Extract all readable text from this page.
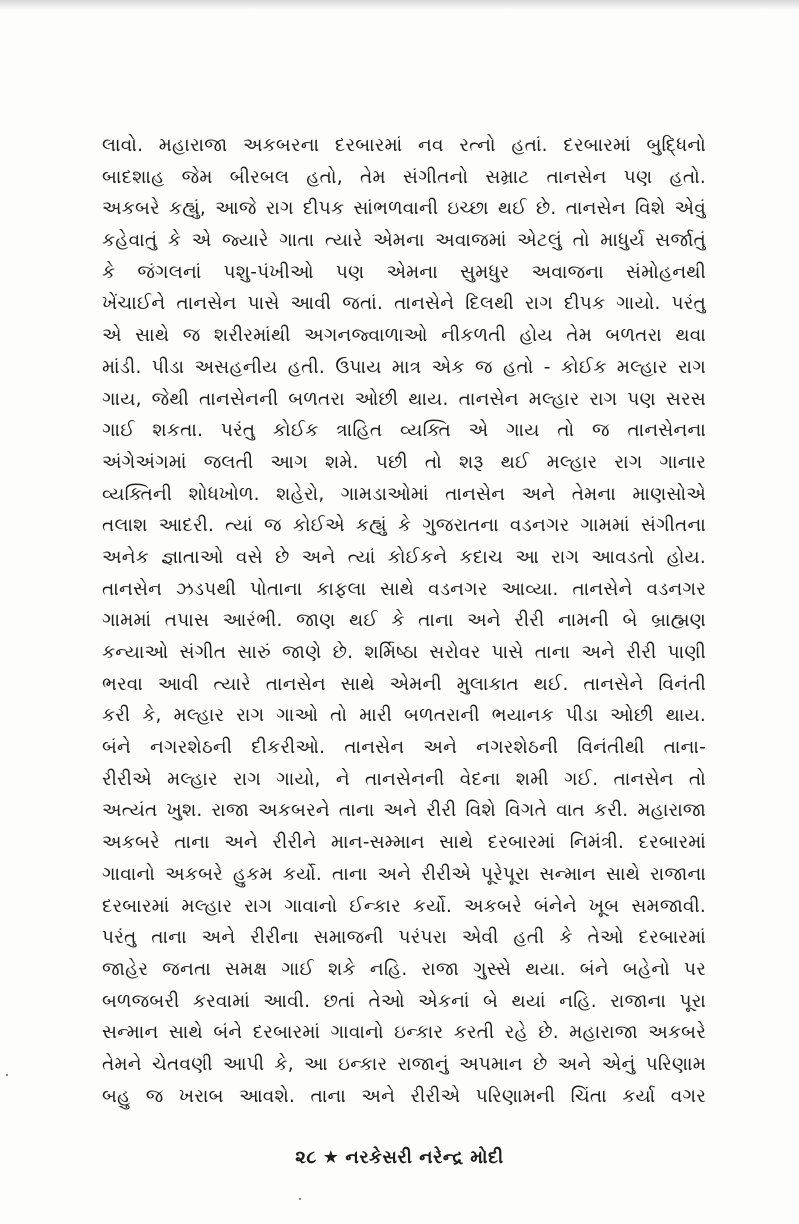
લાવો. મહારાજા અકબરના દરબારમાં નવ રત્નો હતાં. દરબારમાં બુદ્ધિનો
બાદશાહ જેમ બીરબલ હતો, તેમ સંગીતનો સમ્રાટ તાનસેન પણ હતો.
અકબરે કહ્યું, આજે રાગ દીપક સાંભળવાની ઇચ્છા થઈ છે. તાનસેન વિશે એવું
કહેવાતું કે એ જ્યારે ગાતા ત્યારે એમના અવાજમાં એટલું તો માધુર્ય સર્જાતું
કે જંગલનાં પશુ-પંખીઓ પણ એમના સુમધુર અવાજના સંમોહનથી
ખેંચાઈને તાનસેન પાસે આવી જતાં. તાનસેને દિલથી રાગ દીપક ગાયો. પરંતુ
એ સાથે જ શરીરમાંથી અગનજ્વાળાઓ નીકળતી હોય તેમ બળતરા થવા
માંડી. પીડા અસહનીય હતી. ઉપાય માત્ર એક જ હતો - કોઈક મલ્હાર રાગ
ગાય, જેથી તાનસેનની બળતરા ઓછી થાય. તાનસેન મલ્હાર રાગ પણ સરસ
ગાઈ શકતા. પરંતુ કોઈક ત્રાહિત વ્યક્તિ એ ગાય તો જ તાનસેનના
અંગેઅંગમાં જલતી આગ શમે. પછી તો શરૂ થઈ મલ્હાર રાગ ગાનાર
વ્યક્તિની શોધખોળ. શહેરો, ગામડાઓમાં તાનસેન અને તેમના માણસોએ
તલાશ આદરી. ત્યાં જ કોઈએ કહ્યું કે ગુજરાતના વડનગર ગામમાં સંગીતના
અનેક જ્ઞાતાઓ વસે છે અને ત્યાં કોઈકને કદાચ આ રાગ આવડતો હોય.
તાનસેન ઝડપથી પોતાના કાફલા સાથે વડનગર આવ્યા. તાનસેને વડનગર
ગામમાં તપાસ આરંભી. જાણ થઈ કે તાના અને રીરી નામની બે બ્રાહ્મણ
કન્યાઓ સંગીત સારું જાણે છે. શર્મિષ્ઠા સરોવર પાસે તાના અને રીરી પાણી
ભરવા આવી ત્યારે તાનસેન સાથે એમની મુલાકાત થઈ. તાનસેને વિનંતી
કરી કે, મલ્હાર રાગ ગાઓ તો મારી બળતરાની ભયાનક પીડા ઓછી થાય.
બંને નગરશેઠની દીકરીઓ. તાનસેન અને નગરશેઠની વિનંતીથી તાના-
રીરીએ મલ્હાર રાગ ગાયો, ને તાનસેનની વેદના શમી ગઈ. તાનસેન તો
અત્યંત ખુશ. રાજા અકબરને તાના અને રીરી વિશે વિગતે વાત કરી. મહારાજા
અકબરે તાના અને રીરીને માન-સમ્માન સાથે દરબારમાં નિમંત્રી. દરબારમાં
ગાવાનો અકબરે હુકમ કર્યો. તાના અને રીરીએ પૂરેપૂરા સન્માન સાથે રાજાના
દરબારમાં મલ્હાર રાગ ગાવાનો ઈન્કાર કર્યો. અકબરે બંનેને ખૂબ સમજાવી.
પરંતુ તાના અને રીરીના સમાજની પરંપરા એવી હતી કે તેઓ દરબારમાં
જાહેર જનતા સમક્ષ ગાઈ શકે નહિ. રાજા ગુસ્સે થયા. બંને બહેનો પર
બળજબરી કરવામાં આવી. છતાં તેઓ એકનાં બે થયાં નહિ. રાજાના પૂરા
સન્માન સાથે બંને દરબારમાં ગાવાનો ઇન્કાર કરતી રહે છે. મહારાજા અકબરે
તેમને ચેતવણી આપી કે, આ ઇન્કાર રાજાનું અપમાન છે અને એનું પરિણામ
બહુ જ ખરાબ આવશે. તાના અને રીરીએ પરિણામની ચિંતા કર્યા વગર
૨૮ ★ નરકેસરી નરેન્દ્ર મોદી
